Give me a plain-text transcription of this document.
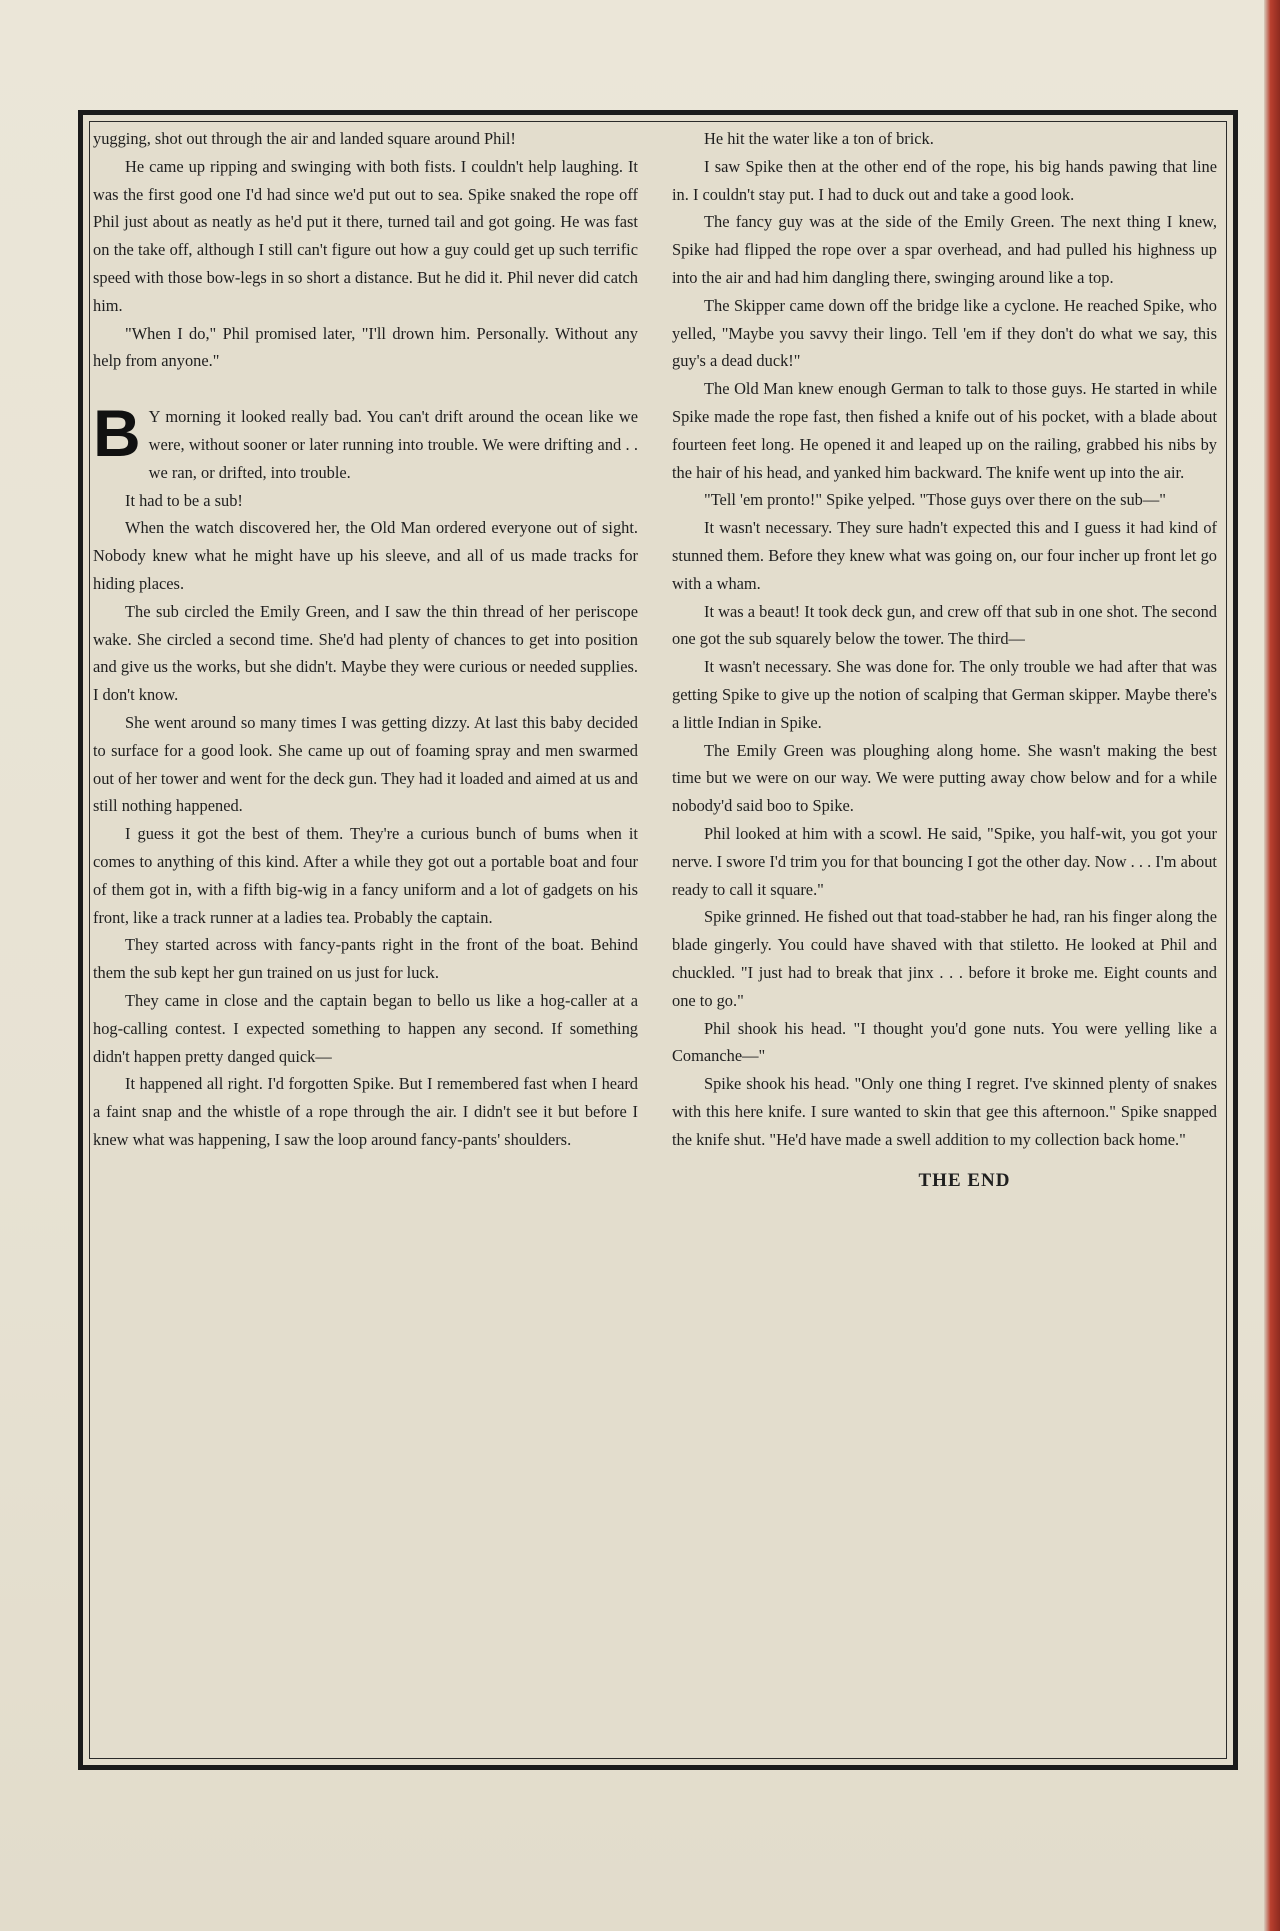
yugging, shot out through the air and landed square around Phil!

He came up ripping and swinging with both fists. I couldn't help laughing. It was the first good one I'd had since we'd put out to sea. Spike snaked the rope off Phil just about as neatly as he'd put it there, turned tail and got going. He was fast on the take off, although I still can't figure out how a guy could get up such terrific speed with those bow-legs in so short a distance. But he did it. Phil never did catch him.

"When I do," Phil promised later, "I'll drown him. Personally. Without any help from anyone."

B Y morning it looked really bad. You can't drift around the ocean like we were, without sooner or later running into trouble. We were drifting and . . we ran, or drifted, into trouble.

It had to be a sub!

When the watch discovered her, the Old Man ordered everyone out of sight. Nobody knew what he might have up his sleeve, and all of us made tracks for hiding places.

The sub circled the Emily Green, and I saw the thin thread of her periscope wake. She circled a second time. She'd had plenty of chances to get into position and give us the works, but she didn't. Maybe they were curious or needed supplies. I don't know.

She went around so many times I was getting dizzy. At last this baby decided to surface for a good look. She came up out of foaming spray and men swarmed out of her tower and went for the deck gun. They had it loaded and aimed at us and still nothing happened.

I guess it got the best of them. They're a curious bunch of bums when it comes to anything of this kind. After a while they got out a portable boat and four of them got in, with a fifth big-wig in a fancy uniform and a lot of gadgets on his front, like a track runner at a ladies tea. Probably the captain.

They started across with fancy-pants right in the front of the boat. Behind them the sub kept her gun trained on us just for luck.

They came in close and the captain began to bello us like a hog-caller at a hog-calling contest. I expected something to happen any second. If something didn't happen pretty danged quick—

It happened all right. I'd forgotten Spike. But I remembered fast when I heard a faint snap and the whistle of a rope through the air. I didn't see it but before I knew what was happening, I saw the loop around fancy-pants' shoulders.

He hit the water like a ton of brick.

I saw Spike then at the other end of the rope, his big hands pawing that line in. I couldn't stay put. I had to duck out and take a good look.

The fancy guy was at the side of the Emily Green. The next thing I knew, Spike had flipped the rope over a spar overhead, and had pulled his highness up into the air and had him dangling there, swinging around like a top.

The Skipper came down off the bridge like a cyclone. He reached Spike, who yelled, "Maybe you savvy their lingo. Tell 'em if they don't do what we say, this guy's a dead duck!"

The Old Man knew enough German to talk to those guys. He started in while Spike made the rope fast, then fished a knife out of his pocket, with a blade about fourteen feet long. He opened it and leaped up on the railing, grabbed his nibs by the hair of his head, and yanked him backward. The knife went up into the air.

"Tell 'em pronto!" Spike yelped. "Those guys over there on the sub—"

It wasn't necessary. They sure hadn't expected this and I guess it had kind of stunned them. Before they knew what was going on, our four incher up front let go with a wham.

It was a beaut! It took deck gun, and crew off that sub in one shot. The second one got the sub squarely below the tower. The third—

It wasn't necessary. She was done for. The only trouble we had after that was getting Spike to give up the notion of scalping that German skipper. Maybe there's a little Indian in Spike.

The Emily Green was ploughing along home. She wasn't making the best time but we were on our way. We were putting away chow below and for a while nobody'd said boo to Spike.

Phil looked at him with a scowl. He said, "Spike, you half-wit, you got your nerve. I swore I'd trim you for that bouncing I got the other day. Now . . . I'm about ready to call it square."

Spike grinned. He fished out that toad-stabber he had, ran his finger along the blade gingerly. You could have shaved with that stiletto. He looked at Phil and chuckled. "I just had to break that jinx . . . before it broke me. Eight counts and one to go."

Phil shook his head. "I thought you'd gone nuts. You were yelling like a Comanche—"

Spike shook his head. "Only one thing I regret. I've skinned plenty of snakes with this here knife. I sure wanted to skin that gee this afternoon." Spike snapped the knife shut. "He'd have made a swell addition to my collection back home."

THE END
